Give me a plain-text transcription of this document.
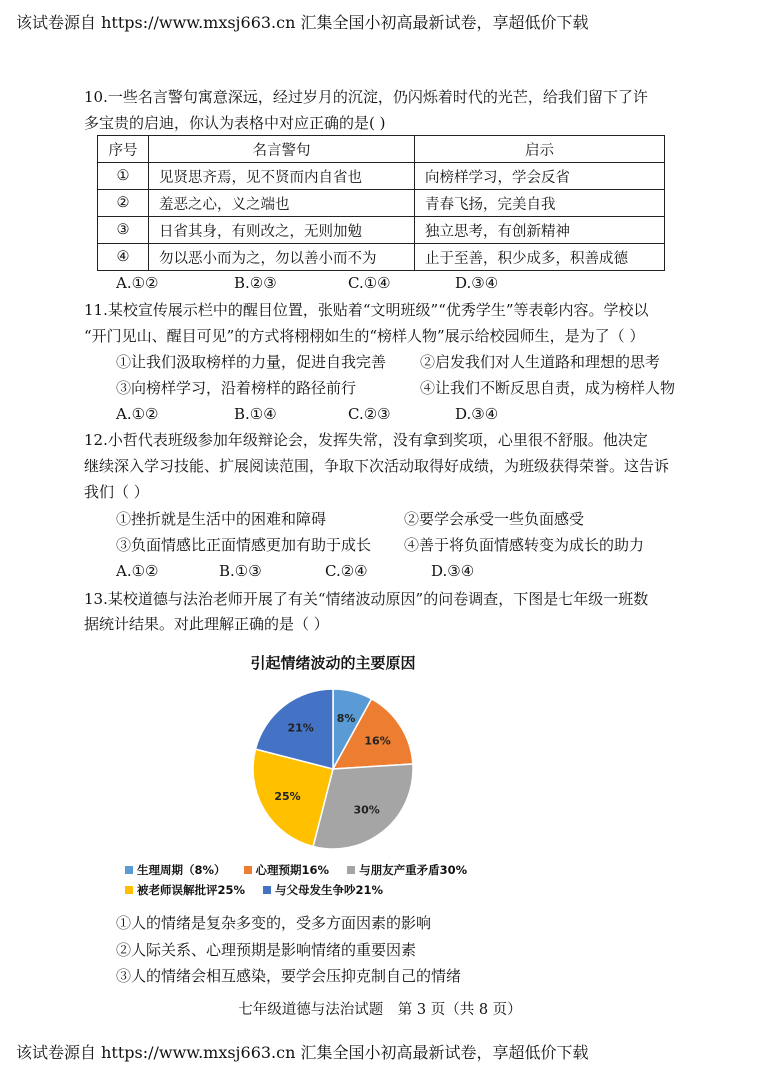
该试卷源自 https://www.mxsj663.cn 汇集全国小初高最新试卷，享超低价下载
10.一些名言警句寓意深远，经过岁月的沉淀，仍闪烁着时代的光芒，给我们留下了许
多宝贵的启迪，你认为表格中对应正确的是( )
序号	名言警句	启示
①	见贤思齐焉，见不贤而内自省也	向榜样学习，学会反省
②	羞恶之心，义之端也	青春飞扬，完美自我
③	日省其身，有则改之，无则加勉	独立思考，有创新精神
④	勿以恶小而为之，勿以善小而不为	止于至善，积少成多，积善成德
A.①②	B.②③	C.①④	D.③④
11.某校宣传展示栏中的醒目位置，张贴着“文明班级”“优秀学生”等表彰内容。学校以
“开门见山、醒目可见”的方式将栩栩如生的“榜样人物”展示给校园师生，是为了（ ）
①让我们汲取榜样的力量，促进自我完善 ②启发我们对人生道路和理想的思考
③向榜样学习，沿着榜样的路径前行	④让我们不断反思自责，成为榜样人物
A.①②	B.①④	C.②③	D.③④
12.小哲代表班级参加年级辩论会，发挥失常，没有拿到奖项，心里很不舒服。他决定
继续深入学习技能、扩展阅读范围，争取下次活动取得好成绩，为班级获得荣誉。这告诉
我们（ ）
①挫折就是生活中的困难和障碍	②要学会承受一些负面感受
③负面情感比正面情感更加有助于成长 ④善于将负面情感转变为成长的助力
A.①②	B.①③	C.②④	D.③④
13.某校道德与法治老师开展了有关“情绪波动原因”的问卷调查，下图是七年级一班数
据统计结果。对此理解正确的是（ ）
引起情绪波动的主要原因
8%
16%
30%
25%
21%
生理周期（8%）	心理预期16%	与朋友产重矛盾30%
被老师误解批评25%	与父母发生争吵21%
①人的情绪是复杂多变的，受多方面因素的影响
②人际关系、心理预期是影响情绪的重要因素
③人的情绪会相互感染，要学会压抑克制自己的情绪
七年级道德与法治试题　第 3 页（共 8 页）
该试卷源自 https://www.mxsj663.cn 汇集全国小初高最新试卷，享超低价下载
